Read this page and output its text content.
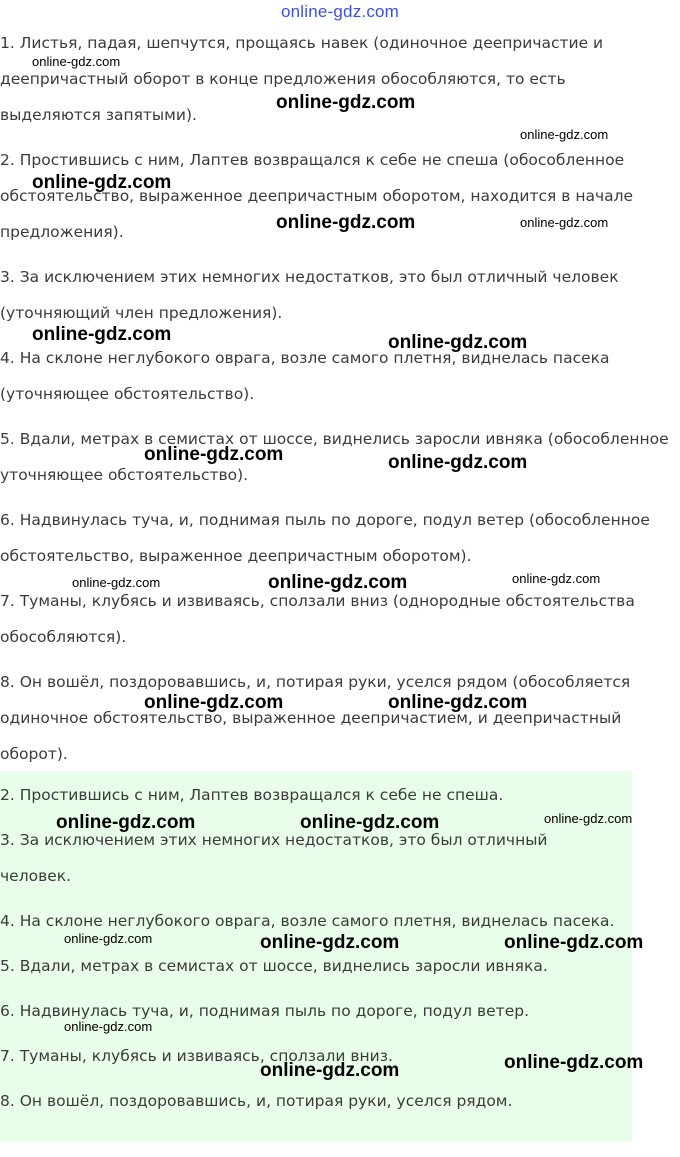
online-gdz.com

1. Листья, падая, шепчутся, прощаясь навек (одиночное деепричастие и деепричастный оборот в конце предложения обособляются, то есть выделяются запятыми).

2. Простившись с ним, Лаптев возвращался к себе не спеша (обособленное обстоятельство, выраженное деепричастным оборотом, находится в начале предложения).

3. За исключением этих немногих недостатков, это был отличный человек (уточняющий член предложения).

4. На склоне неглубокого оврага, возле самого плетня, виднелась пасека (уточняющее обстоятельство).

5. Вдали, метрах в семистах от шоссе, виднелись заросли ивняка (обособленное уточняющее обстоятельство).

6. Надвинулась туча, и, поднимая пыль по дороге, подул ветер (обособленное обстоятельство, выраженное деепричастным оборотом).

7. Туманы, клубясь и извиваясь, сползали вниз (однородные обстоятельства обособляются).

8. Он вошёл, поздоровавшись, и, потирая руки, уселся рядом (обособляется одиночное обстоятельство, выраженное деепричастием, и деепричастный оборот).

2. Простившись с ним, Лаптев возвращался к себе не спеша.

3. За исключением этих немногих недостатков, это был отличный человек.

4. На склоне неглубокого оврага, возле самого плетня, виднелась пасека.

5. Вдали, метрах в семистах от шоссе, виднелись заросли ивняка.

6. Надвинулась туча, и, поднимая пыль по дороге, подул ветер.

7. Туманы, клубясь и извиваясь, сползали вниз.

8. Он вошёл, поздоровавшись, и, потирая руки, уселся рядом.

online-gdz.com
online-gdz.com
online-gdz.com
online-gdz.com
online-gdz.com	online-gdz.com
online-gdz.com	online-gdz.com
online-gdz.com	online-gdz.com
online-gdz.com	online-gdz.com	online-gdz.com
online-gdz.com	online-gdz.com
online-gdz.com	online-gdz.com	online-gdz.com
online-gdz.com	online-gdz.com	online-gdz.com
online-gdz.com
online-gdz.com
online-gdz.com
